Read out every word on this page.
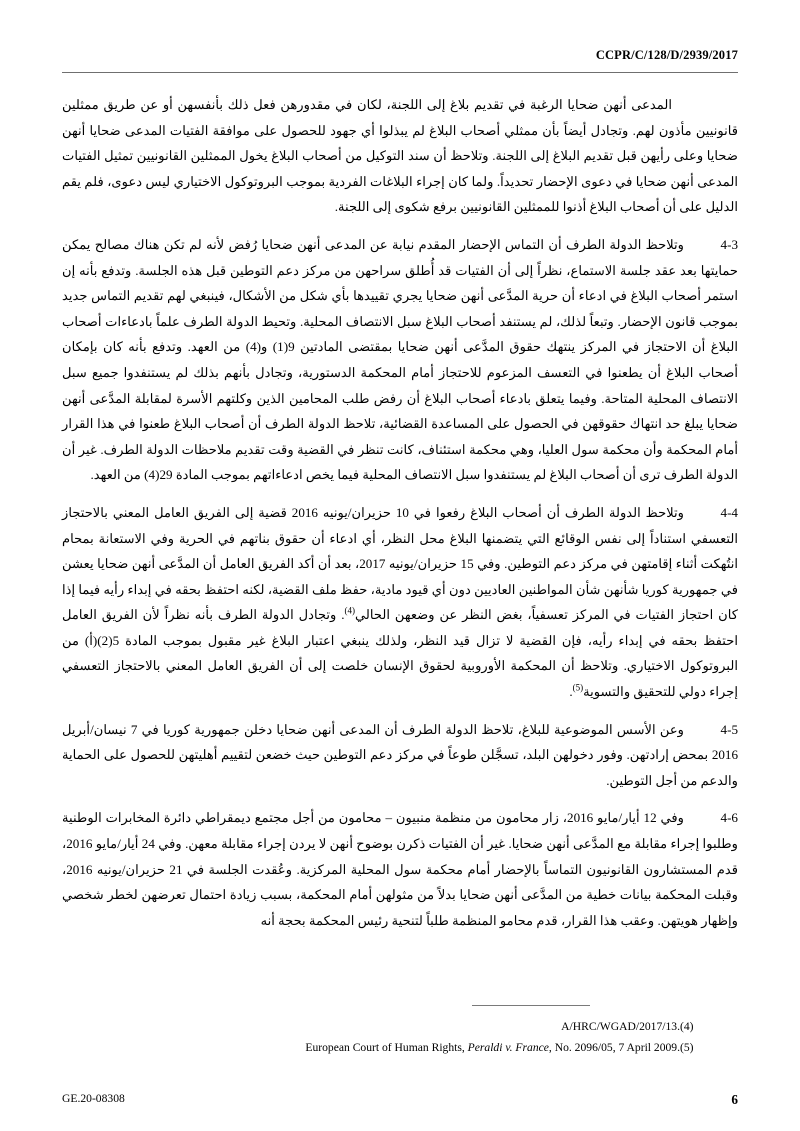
CCPR/C/128/D/2939/2017

المدعى أنهن ضحايا الرغبة في تقديم بلاغ إلى اللجنة، لكان في مقدورهن فعل ذلك بأنفسهن أو عن طريق ممثلين قانونيين مأذون لهم. وتجادل أيضاً بأن ممثلي أصحاب البلاغ لم يبذلوا أي جهود للحصول على موافقة الفتيات المدعى ضحايا أنهن ضحايا وعلى رأيهن قبل تقديم البلاغ إلى اللجنة. وتلاحظ أن سند التوكيل من أصحاب البلاغ يخول الممثلين القانونيين تمثيل الفتيات المدعى أنهن ضحايا في دعوى الإحضار تحديداً. ولما كان إجراء البلاغات الفردية بموجب البروتوكول الاختياري ليس دعوى، فلم يقم الدليل على أن أصحاب البلاغ أذنوا للممثلين القانونيين برفع شكوى إلى اللجنة.

4-3وتلاحظ الدولة الطرف أن التماس الإحضار المقدم نيابة عن المدعى أنهن ضحايا رُفض لأنه لم تكن هناك مصالح يمكن حمايتها بعد عقد جلسة الاستماع، نظراً إلى أن الفتيات قد أُطلق سراحهن من مركز دعم التوطين قبل هذه الجلسة. وتدفع بأنه إن استمر أصحاب البلاغ في ادعاء أن حرية المدَّعى أنهن ضحايا يجري تقييدها بأي شكل من الأشكال، فينبغي لهم تقديم التماس جديد بموجب قانون الإحضار. وتبعاً لذلك، لم يستنفد أصحاب البلاغ سبل الانتصاف المحلية. وتحيط الدولة الطرف علماً بادعاءات أصحاب البلاغ أن الاحتجاز في المركز ينتهك حقوق المدَّعى أنهن ضحايا بمقتضى المادتين 9(1) و(4) من العهد. وتدفع بأنه كان بإمكان أصحاب البلاغ أن يطعنوا في التعسف المزعوم للاحتجاز أمام المحكمة الدستورية، وتجادل بأنهم بذلك لم يستنفدوا جميع سبل الانتصاف المحلية المتاحة. وفيما يتعلق بادعاء أصحاب البلاغ أن رفض طلب المحامين الذين وكلتهم الأسرة لمقابلة المدَّعى أنهن ضحايا يبلغ حد انتهاك حقوقهن في الحصول على المساعدة القضائية، تلاحظ الدولة الطرف أن أصحاب البلاغ طعنوا في هذا القرار أمام المحكمة وأن محكمة سول العليا، وهي محكمة استئناف، كانت تنظر في القضية وقت تقديم ملاحظات الدولة الطرف. غير أن الدولة الطرف ترى أن أصحاب البلاغ لم يستنفدوا سبل الانتصاف المحلية فيما يخص ادعاءاتهم بموجب المادة 29(4) من العهد.

4-4وتلاحظ الدولة الطرف أن أصحاب البلاغ رفعوا في 10 حزيران/يونيه 2016 قضية إلى الفريق العامل المعني بالاحتجاز التعسفي استناداً إلى نفس الوقائع التي يتضمنها البلاغ محل النظر، أي ادعاء أن حقوق بناتهم في الحرية وفي الاستعانة بمحام انتُهكت أثناء إقامتهن في مركز دعم التوطين. وفي 15 حزيران/يونيه 2017، بعد أن أكد الفريق العامل أن المدَّعى أنهن ضحايا يعشن في جمهورية كوريا شأنهن شأن المواطنين العاديين دون أي قيود مادية، حفظ ملف القضية، لكنه احتفظ بحقه في إبداء رأيه فيما إذا كان احتجاز الفتيات في المركز تعسفياً، بغض النظر عن وضعهن الحالي$^{(4)}$. وتجادل الدولة الطرف بأنه نظراً لأن الفريق العامل احتفظ بحقه في إبداء رأيه، فإن القضية لا تزال قيد النظر، ولذلك ينبغي اعتبار البلاغ غير مقبول بموجب المادة 5(2)(أ) من البروتوكول الاختياري. وتلاحظ أن المحكمة الأوروبية لحقوق الإنسان خلصت إلى أن الفريق العامل المعني بالاحتجاز التعسفي إجراء دولي للتحقيق والتسوية$^{(5)}$.

4-5وعن الأسس الموضوعية للبلاغ، تلاحظ الدولة الطرف أن المدعى أنهن ضحايا دخلن جمهورية كوريا في 7 نيسان/أبريل 2016 بمحض إرادتهن. وفور دخولهن البلد، تسجَّلن طوعاً في مركز دعم التوطين حيث خضعن لتقييم أهليتهن للحصول على الحماية والدعم من أجل التوطين.

4-6وفي 12 أيار/مايو 2016، زار محامون من منظمة منبيون – محامون من أجل مجتمع ديمقراطي دائرة المخابرات الوطنية وطلبوا إجراء مقابلة مع المدَّعى أنهن ضحايا. غير أن الفتيات ذكرن بوضوح أنهن لا يردن إجراء مقابلة معهن. وفي 24 أيار/مايو 2016، قدم المستشارون القانونيون التماساً بالإحضار أمام محكمة سول المحلية المركزية. وعُقدت الجلسة في 21 حزيران/يونيه 2016، وقبلت المحكمة بيانات خطية من المدَّعى أنهن ضحايا بدلاً من مثولهن أمام المحكمة، بسبب زيادة احتمال تعرضهن لخطر شخصي وإظهار هويتهن. وعقب هذا القرار، قدم محامو المنظمة طلباً لتنحية رئيس المحكمة بحجة أنه

(4)A/HRC/WGAD/2017/13.
(5)European Court of Human Rights, Peraldi v. France, No. 2096/05, 7 April 2009.
GE.20-08308	6
